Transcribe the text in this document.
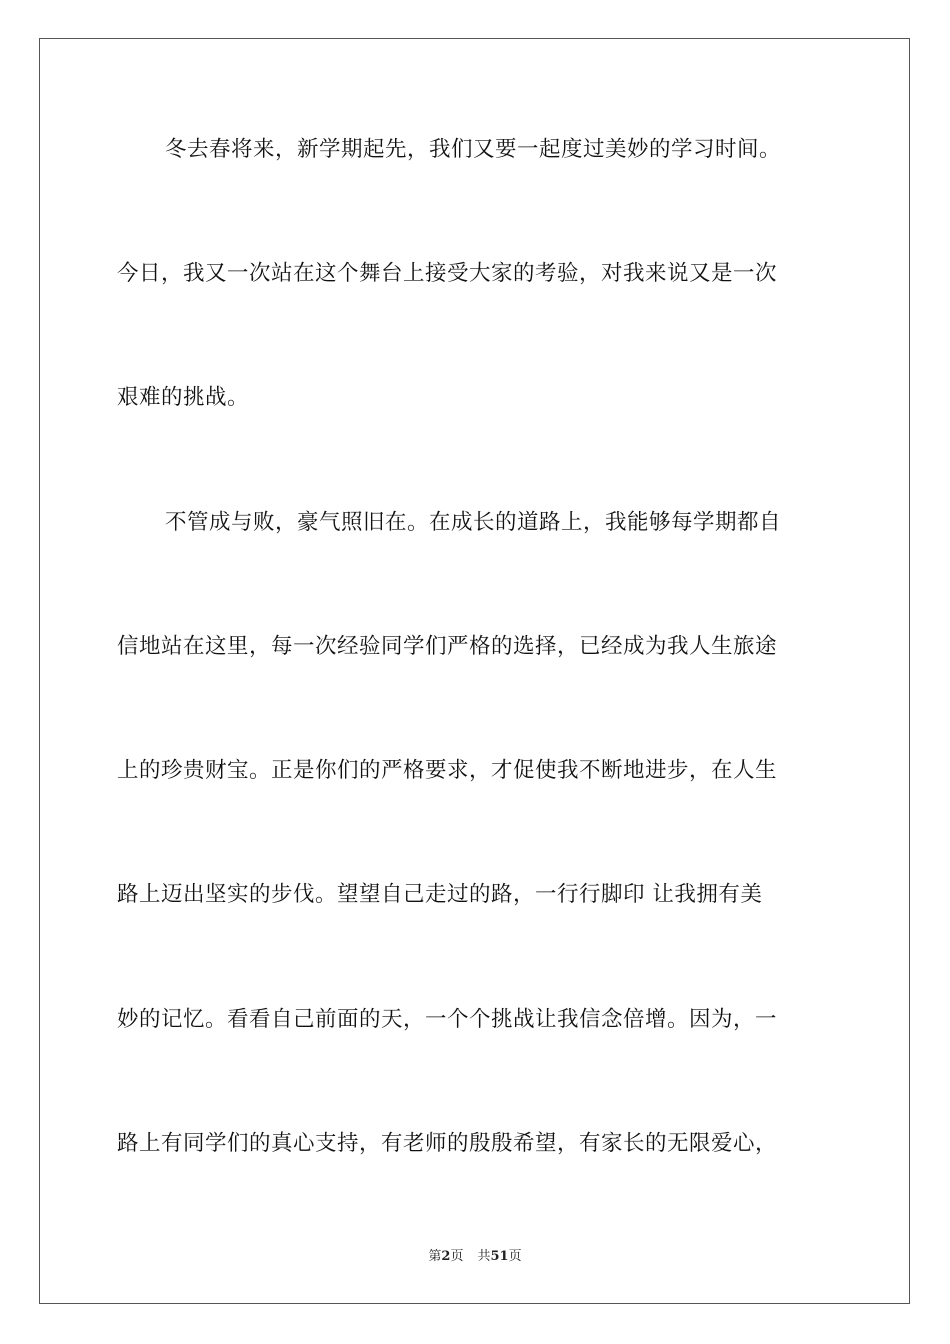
冬去春将来，新学期起先，我们又要一起度过美妙的学习时间。
今日，我又一次站在这个舞台上接受大家的考验，对我来说又是一次
艰难的挑战。
不管成与败，豪气照旧在。在成长的道路上，我能够每学期都自
信地站在这里，每一次经验同学们严格的选择，已经成为我人生旅途
上的珍贵财宝。正是你们的严格要求，才促使我不断地进步，在人生
路上迈出坚实的步伐。望望自己走过的路，一行行脚印 让我拥有美
妙的记忆。看看自己前面的天，一个个挑战让我信念倍增。因为，一
路上有同学们的真心支持，有老师的殷殷希望，有家长的无限爱心，
第2页 共51页
